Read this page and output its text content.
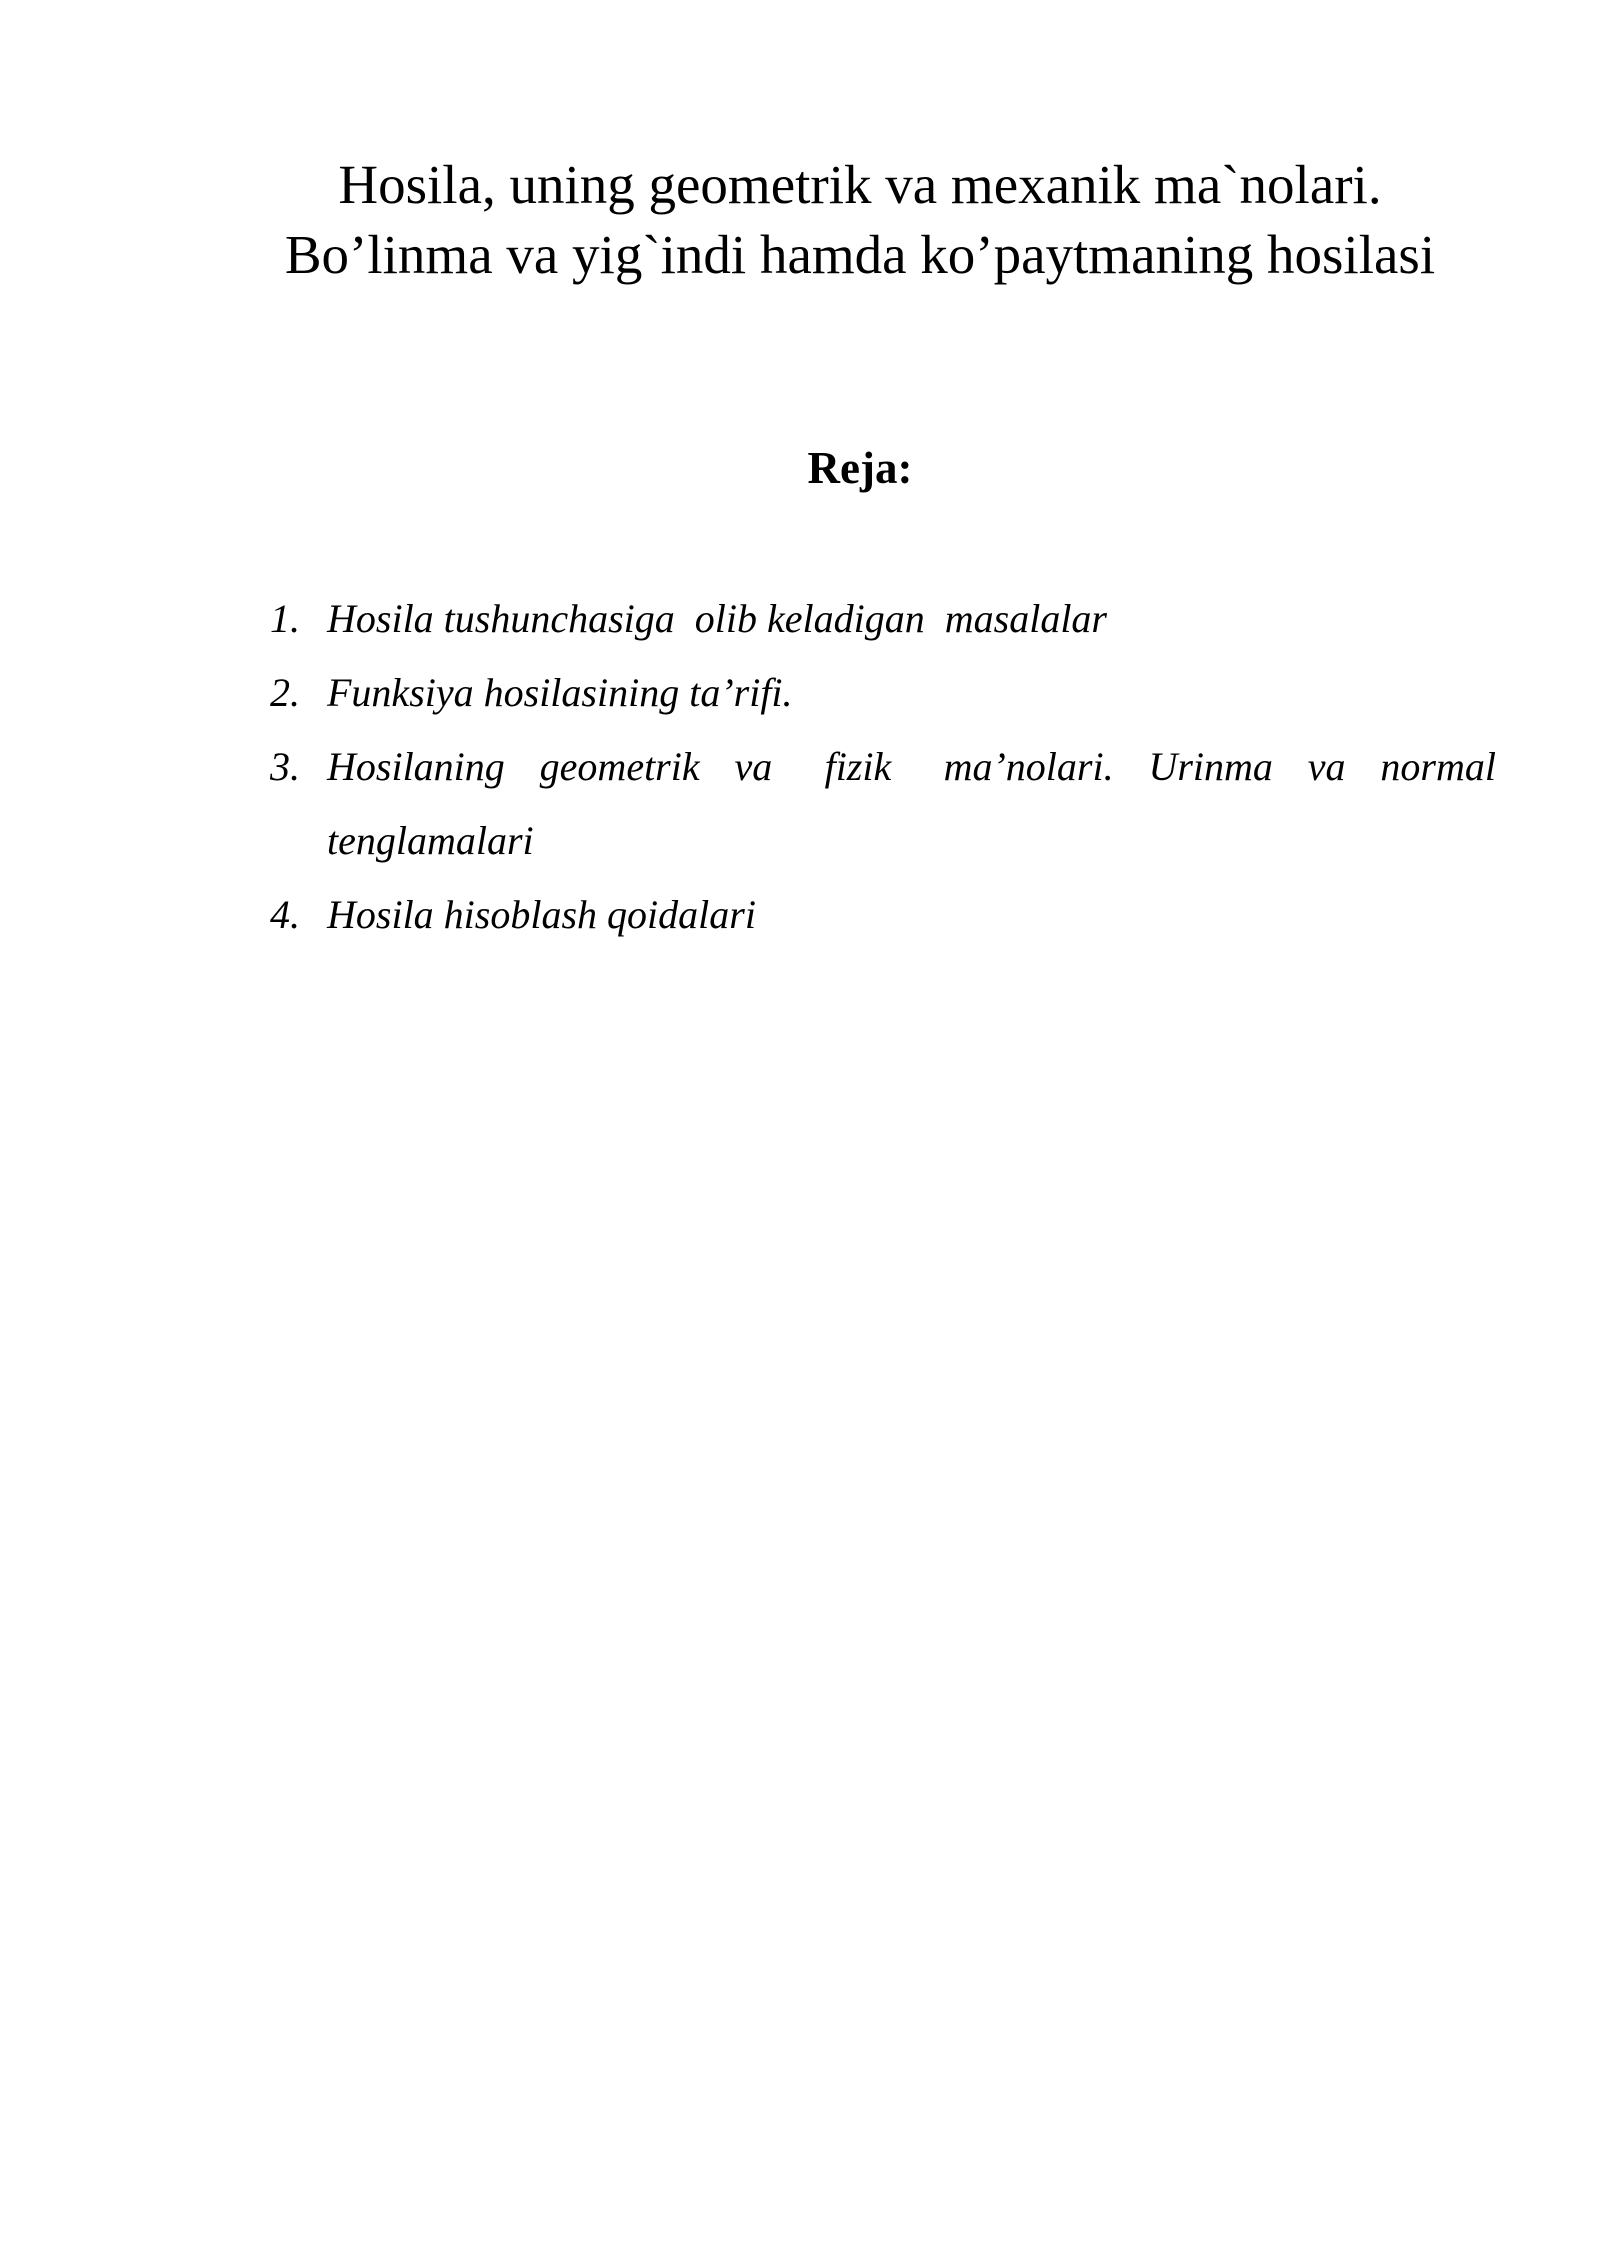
Hosila, uning geometrik va mexanik ma`nolari.
Bo’linma va yig`indi hamda ko’paytmaning hosilasi
Reja:
1. Hosila tushunchasiga  olib keladigan  masalalar
2. Funksiya hosilasining ta’rifi.
3. Hosilaning  geometrik  va   fizik   ma’nolari.  Urinma  va  normal tenglamalari
4. Hosila hisoblash qoidalari
